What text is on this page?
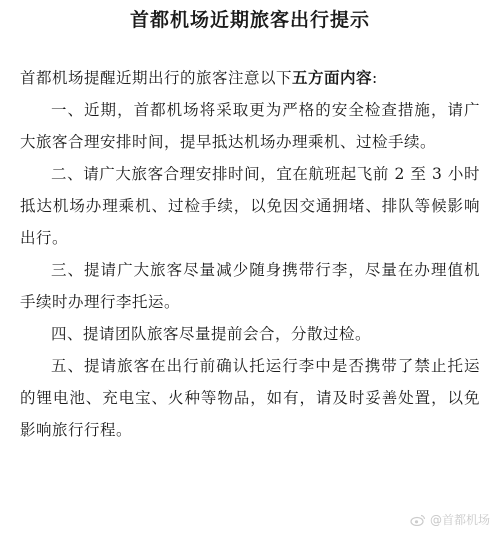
首都机场近期旅客出行提示

首都机场提醒近期出行的旅客注意以下五方面内容:

一、近期，首都机场将采取更为严格的安全检查措施，请广大旅客合理安排时间，提早抵达机场办理乘机、过检手续。

二、请广大旅客合理安排时间，宜在航班起飞前 2 至 3 小时抵达机场办理乘机、过检手续，以免因交通拥堵、排队等候影响出行。

三、提请广大旅客尽量减少随身携带行李，尽量在办理值机手续时办理行李托运。

四、提请团队旅客尽量提前会合，分散过检。

五、提请旅客在出行前确认托运行李中是否携带了禁止托运的锂电池、充电宝、火种等物品，如有，请及时妥善处置，以免影响旅行行程。

@首都机场
